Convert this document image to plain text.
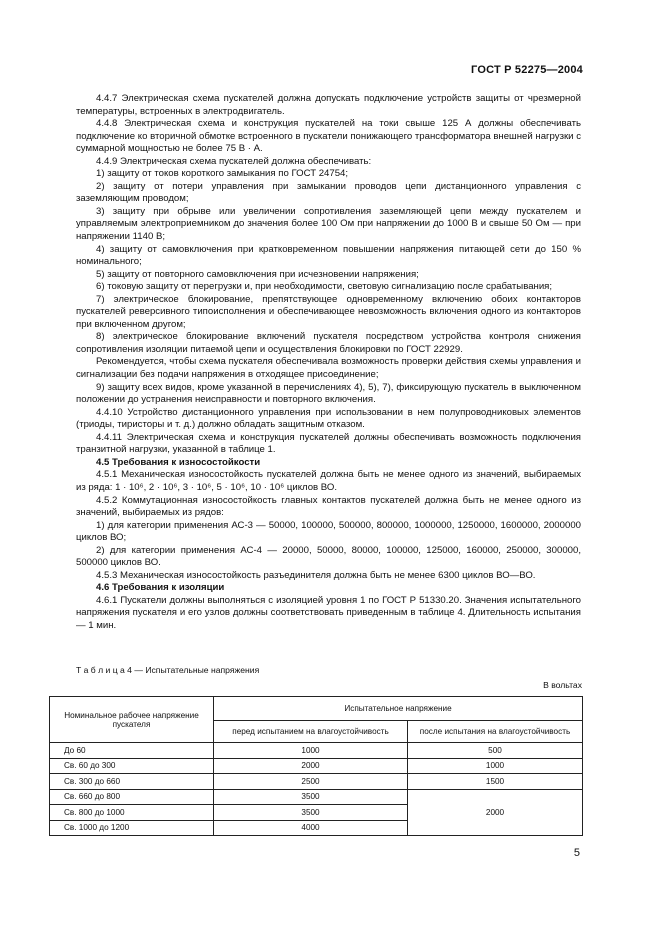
ГОСТ Р 52275—2004

4.4.7 Электрическая схема пускателей должна допускать подключение устройств защиты от чрезмерной температуры, встроенных в электродвигатель.

4.4.8 Электрическая схема и конструкция пускателей на токи свыше 125 А должны обеспечивать подключение ко вторичной обмотке встроенного в пускатели понижающего трансформатора внешней нагрузки с суммарной мощностью не более 75 В · А.

4.4.9 Электрическая схема пускателей должна обеспечивать:

1) защиту от токов короткого замыкания по ГОСТ 24754;

2) защиту от потери управления при замыкании проводов цепи дистанционного управления с заземляющим проводом;

3) защиту при обрыве или увеличении сопротивления заземляющей цепи между пускателем и управляемым электроприемником до значения более 100 Ом при напряжении до 1000 В и свыше 50 Ом — при напряжении 1140 В;

4) защиту от самовключения при кратковременном повышении напряжения питающей сети до 150 % номинального;

5) защиту от повторного самовключения при исчезновении напряжения;

6) токовую защиту от перегрузки и, при необходимости, световую сигнализацию после срабатывания;

7) электрическое блокирование, препятствующее одновременному включению обоих контакторов пускателей реверсивного типоисполнения и обеспечивающее невозможность включения одного из контакторов при включенном другом;

8) электрическое блокирование включений пускателя посредством устройства контроля снижения сопротивления изоляции питаемой цепи и осуществления блокировки по ГОСТ 22929.

Рекомендуется, чтобы схема пускателя обеспечивала возможность проверки действия схемы управления и сигнализации без подачи напряжения в отходящее присоединение;

9) защиту всех видов, кроме указанной в перечислениях 4), 5), 7), фиксирующую пускатель в выключенном положении до устранения неисправности и повторного включения.

4.4.10 Устройство дистанционного управления при использовании в нем полупроводниковых элементов (триоды, тиристоры и т. д.) должно обладать защитным отказом.

4.4.11 Электрическая схема и конструкция пускателей должны обеспечивать возможность подключения транзитной нагрузки, указанной в таблице 1.

4.5 Требования к износостойкости

4.5.1 Механическая износостойкость пускателей должна быть не менее одного из значений, выбираемых из ряда: 1 · 10⁶, 2 · 10⁶, 3 · 10⁶, 5 · 10⁶, 10 · 10⁶ циклов ВО.

4.5.2 Коммутационная износостойкость главных контактов пускателей должна быть не менее одного из значений, выбираемых из рядов:

1) для категории применения АС-3 — 50000, 100000, 500000, 800000, 1000000, 1250000, 1600000, 2000000 циклов ВО;

2) для категории применения АС-4 — 20000, 50000, 80000, 100000, 125000, 160000, 250000, 300000, 500000 циклов ВО.

4.5.3 Механическая износостойкость разъединителя должна быть не менее 6300 циклов ВО—ВО.

4.6 Требования к изоляции

4.6.1 Пускатели должны выполняться с изоляцией уровня 1 по ГОСТ Р 51330.20. Значения испытательного напряжения пускателя и его узлов должны соответствовать приведенным в таблице 4. Длительность испытания — 1 мин.

Т а б л и ц а 4 — Испытательные напряжения
В вольтах
Номинальное рабочее напряжение пускателя	Испытательное напряжение	
	перед испытанием на влагоустойчивость	после испытания на влагоустойчивость
До 60	1000	500
Св. 60 до 300	2000	1000
Св. 300 до 660	2500	1500
Св. 660 до 800	3500	2000
Св. 800 до 1000	3500	
Св. 1000 до 1200	4000	
5
